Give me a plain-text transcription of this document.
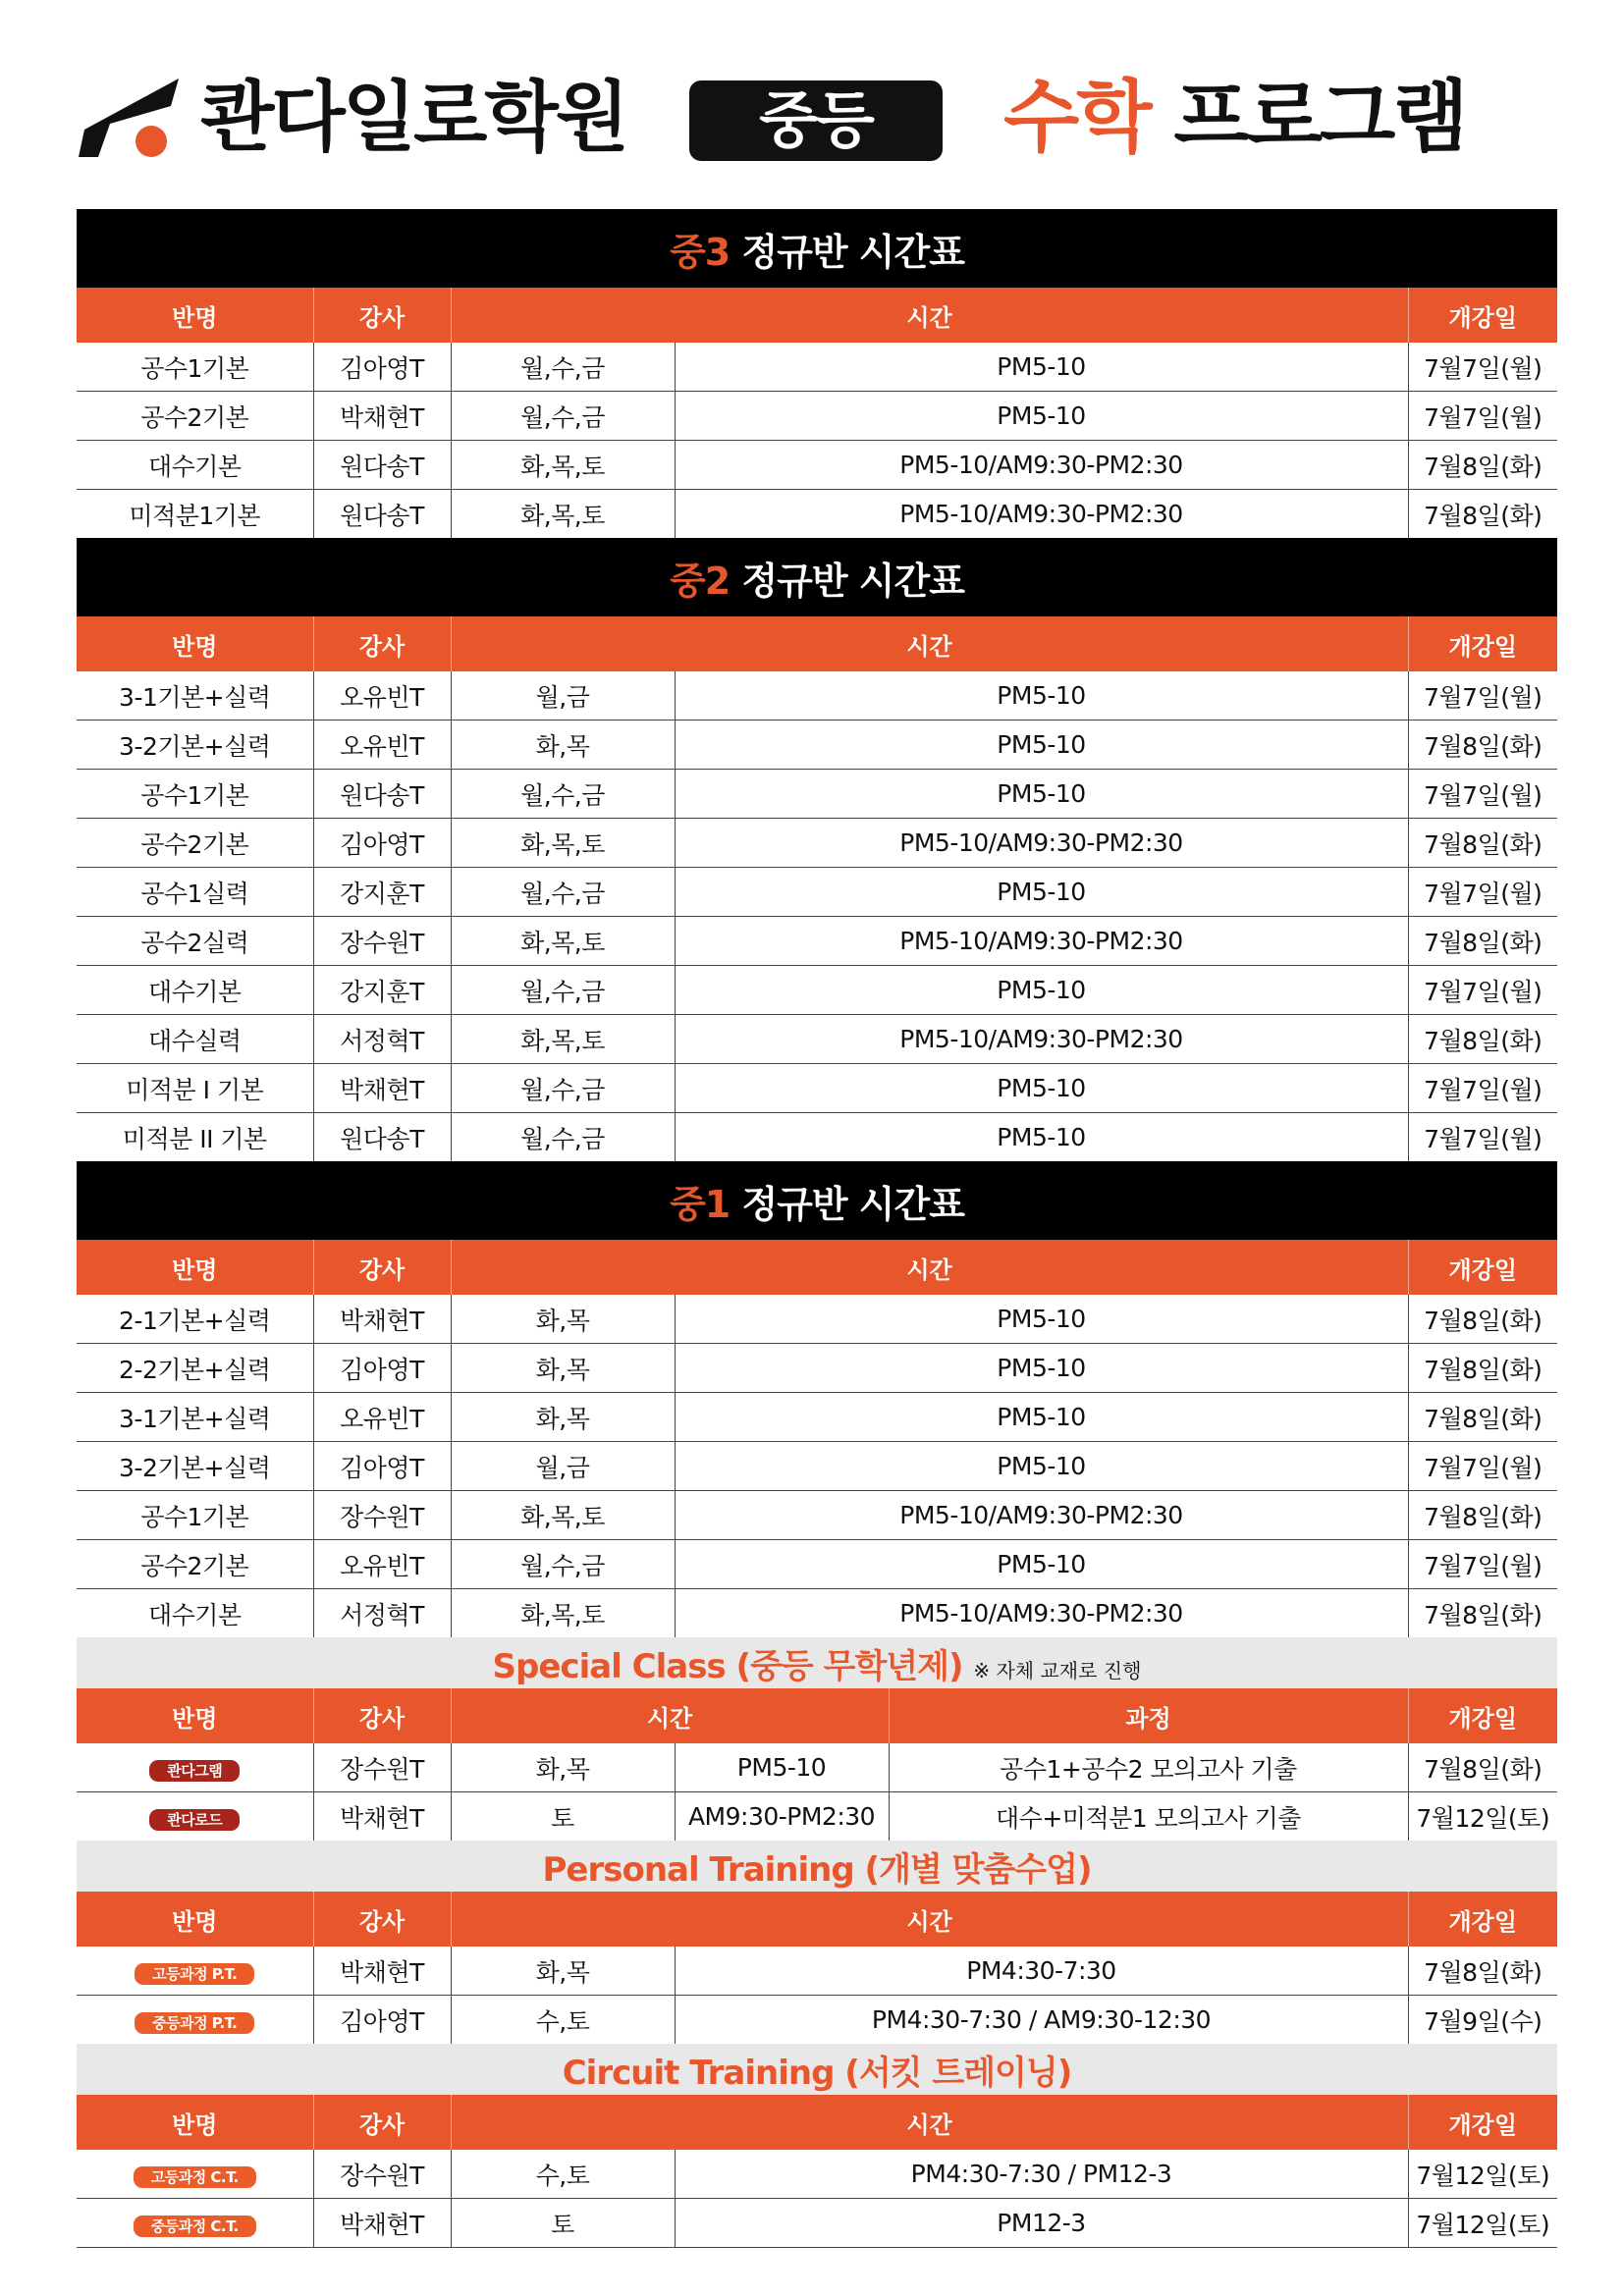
콴다일로학원	중등	수학 프로그램
중3 정규반 시간표					
반명	강사	시간			개강일
공수1기본	김아영T	월,수,금	PM5-10		7월7일(월)
공수2기본	박채현T	월,수,금	PM5-10		7월7일(월)
대수기본	원다송T	화,목,토	PM5-10/AM9:30-PM2:30		7월8일(화)
미적분1기본	원다송T	화,목,토	PM5-10/AM9:30-PM2:30		7월8일(화)
중2 정규반 시간표					
반명	강사	시간			개강일
3-1기본+실력	오유빈T	월,금	PM5-10		7월7일(월)
3-2기본+실력	오유빈T	화,목	PM5-10		7월8일(화)
공수1기본	원다송T	월,수,금	PM5-10		7월7일(월)
공수2기본	김아영T	화,목,토	PM5-10/AM9:30-PM2:30		7월8일(화)
공수1실력	강지훈T	월,수,금	PM5-10		7월7일(월)
공수2실력	장수원T	화,목,토	PM5-10/AM9:30-PM2:30		7월8일(화)
대수기본	강지훈T	월,수,금	PM5-10		7월7일(월)
대수실력	서정혁T	화,목,토	PM5-10/AM9:30-PM2:30		7월8일(화)
미적분 I 기본	박채현T	월,수,금	PM5-10		7월7일(월)
미적분 II 기본	원다송T	월,수,금	PM5-10		7월7일(월)
중1 정규반 시간표					
반명	강사	시간			개강일
2-1기본+실력	박채현T	화,목	PM5-10		7월8일(화)
2-2기본+실력	김아영T	화,목	PM5-10		7월8일(화)
3-1기본+실력	오유빈T	화,목	PM5-10		7월8일(화)
3-2기본+실력	김아영T	월,금	PM5-10		7월7일(월)
공수1기본	장수원T	화,목,토	PM5-10/AM9:30-PM2:30		7월8일(화)
공수2기본	오유빈T	월,수,금	PM5-10		7월7일(월)
대수기본	서정혁T	화,목,토	PM5-10/AM9:30-PM2:30		7월8일(화)
Special Class (중등 무학년제) ※ 자체 교재로 진행					
반명	강사	시간		과정	개강일
콴다그램	장수원T	화,목	PM5-10	공수1+공수2 모의고사 기출	7월8일(화)
콴다로드	박채현T	토	AM9:30-PM2:30	대수+미적분1 모의고사 기출	7월12일(토)
Personal Training (개별 맞춤수업)					
반명	강사	시간			개강일
고등과정 P.T.	박채현T	화,목	PM4:30-7:30		7월8일(화)
중등과정 P.T.	김아영T	수,토	PM4:30-7:30 / AM9:30-12:30		7월9일(수)
Circuit Training (서킷 트레이닝)					
반명	강사	시간			개강일
고등과정 C.T.	장수원T	수,토	PM4:30-7:30 / PM12-3		7월12일(토)
중등과정 C.T.	박채현T	토	PM12-3		7월12일(토)
